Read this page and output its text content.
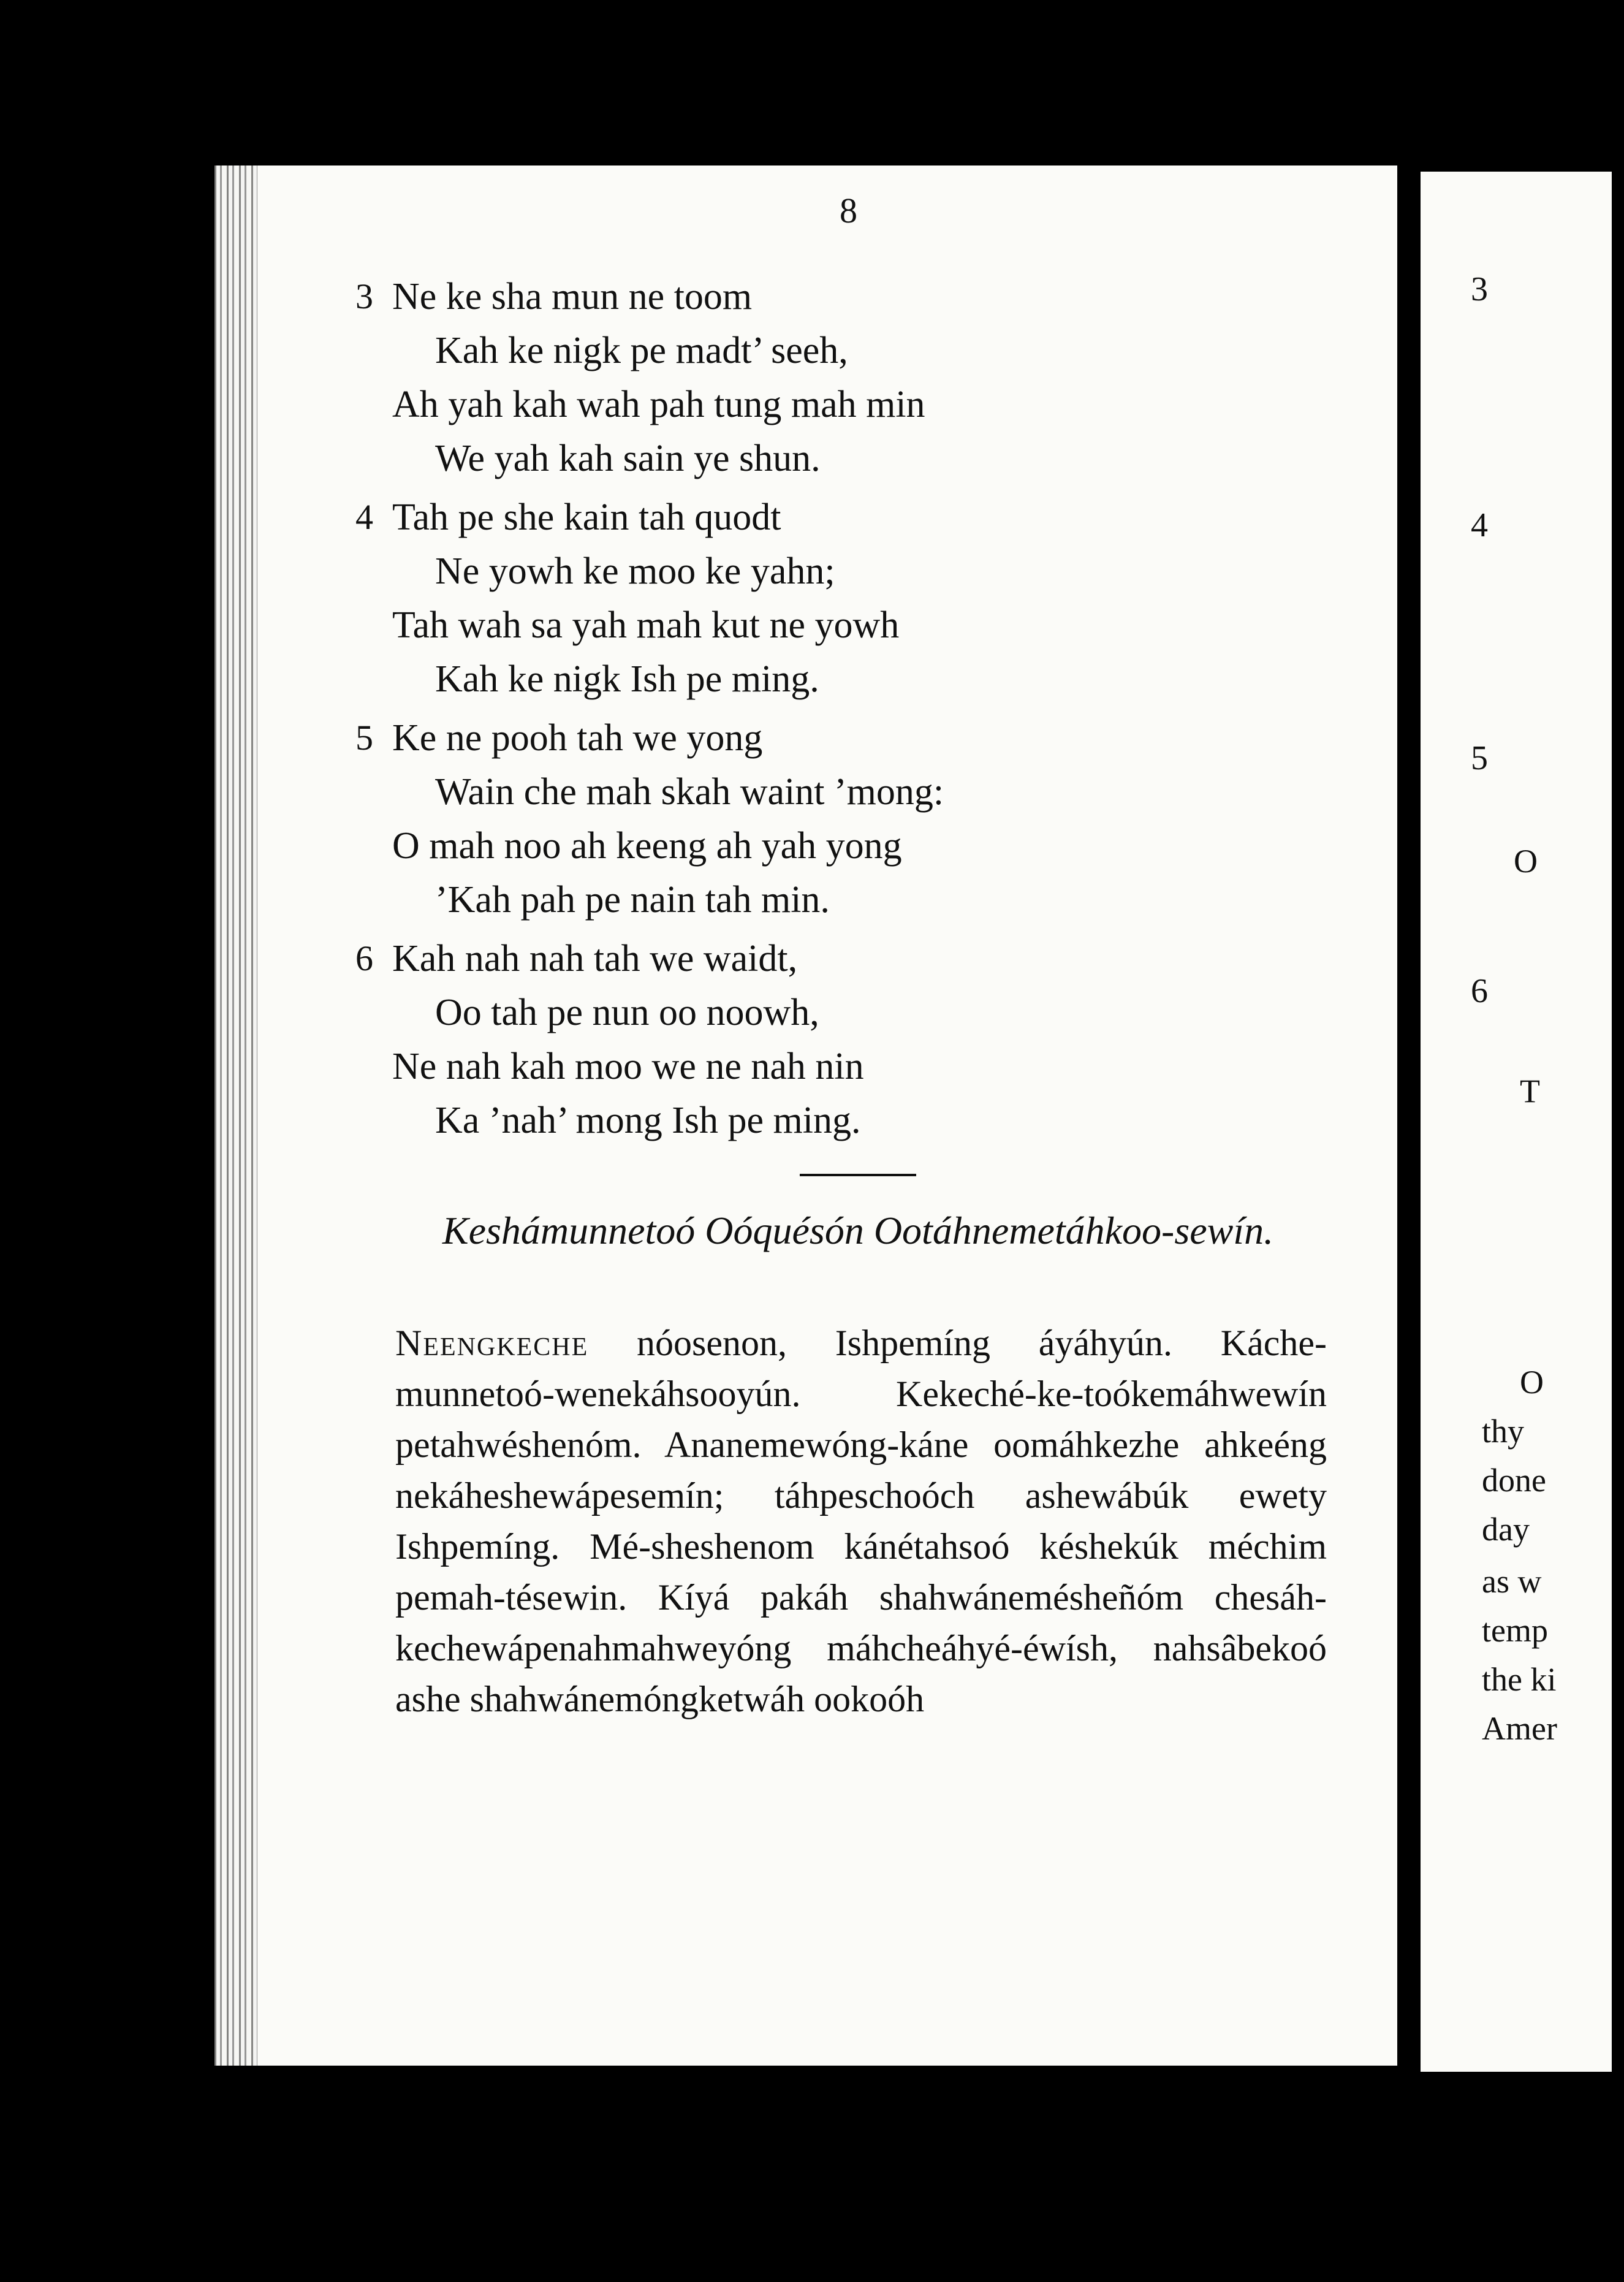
8
3 Ne ke sha mun ne toom
Kah ke nigk pe madt’ seeh,
Ah yah kah wah pah tung mah min
We yah kah sain ye shun.
4 Tah pe she kain tah quodt
Ne yowh ke moo ke yahn;
Tah wah sa yah mah kut ne yowh
Kah ke nigk Ish pe ming.
5 Ke ne pooh tah we yong
Wain che mah skah waint ’mong:
O mah noo ah keeng ah yah yong
’Kah pah pe nain tah min.
6 Kah nah nah tah we waidt,
Oo tah pe nun oo noowh,
Ne nah kah moo we ne nah nin
Ka ’nah’ mong Ish pe ming.
Keshámunnetoó Oóquésón Ootáhnemetáhkoo-sewín.
Neengkeche nóosenon, Ishpemíng áyáhyún. Káche-munnetoó-wenekáhsooyún. Kekeché-ke-toókemáhwewín petahwéshenóm. Ananemewóng-káne oomáhkezhe ahkeéng nekáheshewápesemín; táhpeschoóch ashewábúk ewety Ishpemíng. Mé-sheshenom kánétahsoó késhekúk méchim pemah-tésewin. Kíyá pakáh shahwánemésheñóm chesáh-kechewápenahmahweyóng máhcheáhyé-éwísh, nahsâbekoó ashe shahwánemóngketwáh ookoóh
3
4
5
6
O
T
O
thy
done
day
as w
temp
the ki
Amer
